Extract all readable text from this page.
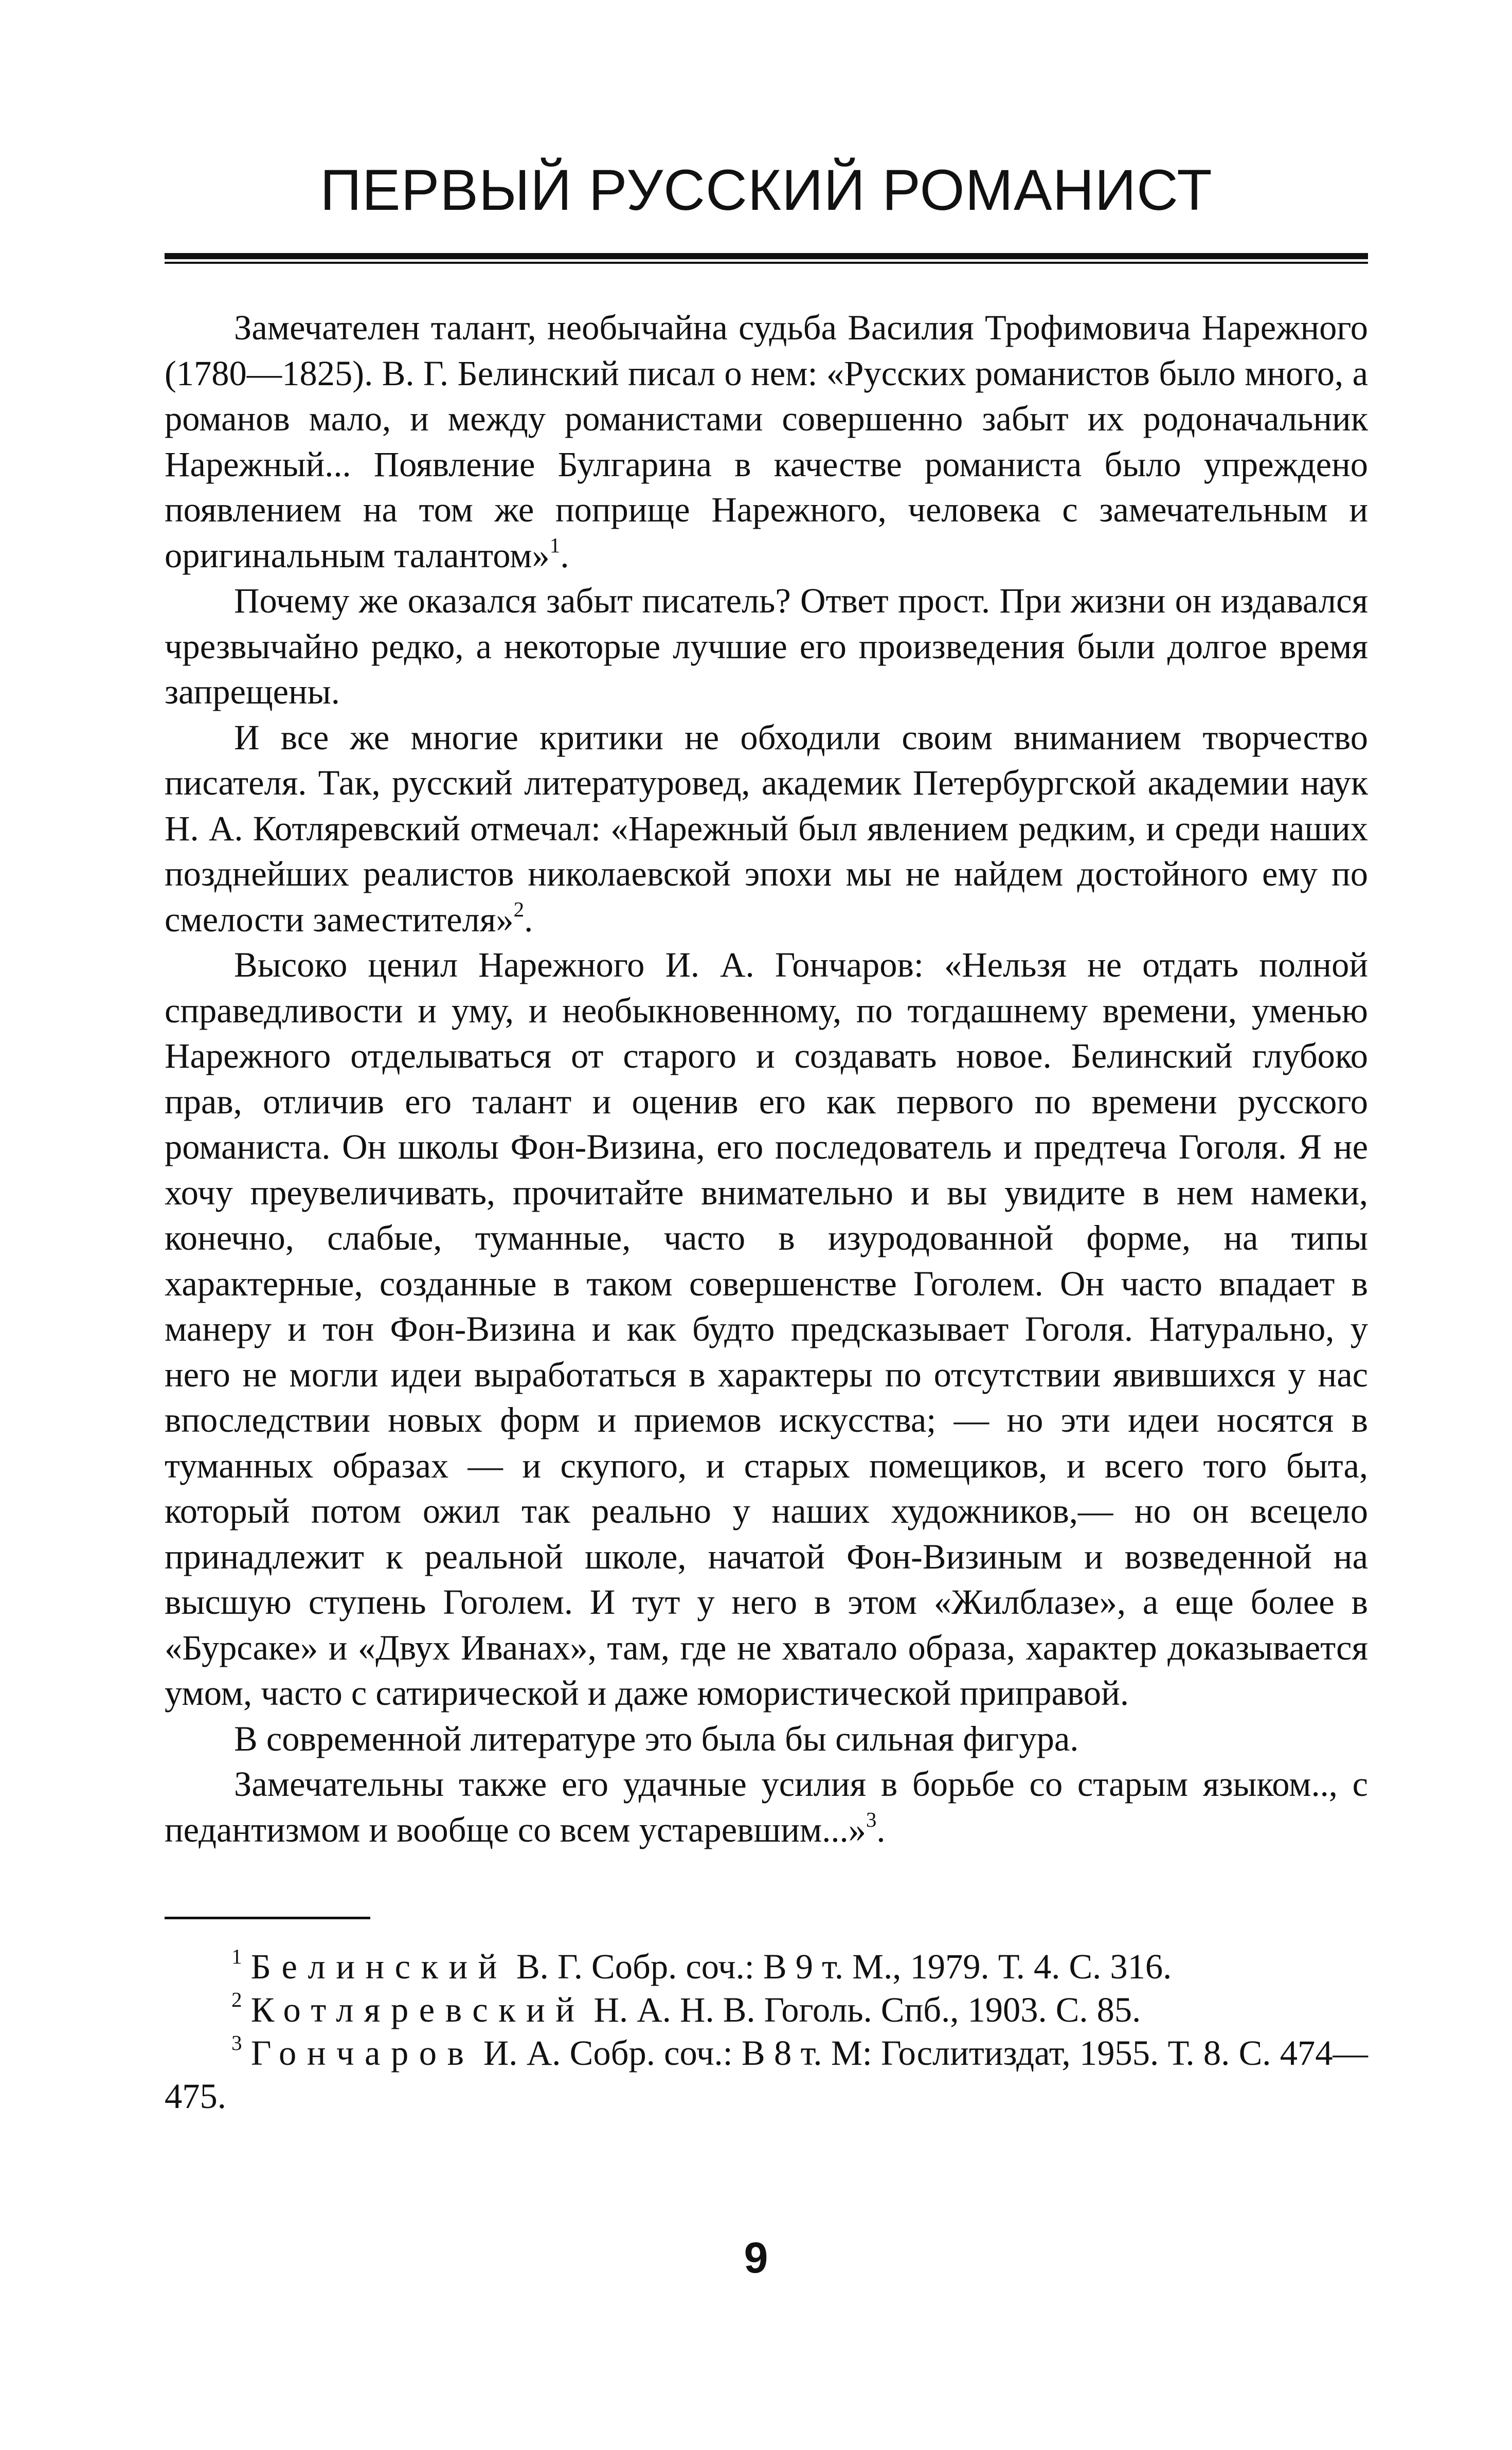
ПЕРВЫЙ РУССКИЙ РОМАНИСТ

Замечателен талант, необычайна судьба Василия Трофимовича Нарежного (1780—1825). В. Г. Белинский писал о нем: «Русских романистов было много, а романов мало, и между романистами совершенно забыт их родоначальник Нарежный... Появление Булгарина в качестве романиста было упреждено появлением на том же поприще Нарежного, человека с замечательным и оригинальным талантом»$^1$.

Почему же оказался забыт писатель? Ответ прост. При жизни он издавался чрезвычайно редко, а некоторые лучшие его произведения были долгое время запрещены.

И все же многие критики не обходили своим вниманием творчество писателя. Так, русский литературовед, академик Петербургской академии наук Н. А. Котляревский отмечал: «Нарежный был явлением редким, и среди наших позднейших реалистов николаевской эпохи мы не найдем достойного ему по смелости заместителя»$^2$.

Высоко ценил Нарежного И. А. Гончаров: «Нельзя не отдать полной справедливости и уму, и необыкновенному, по тогдашнему времени, уменью Нарежного отделываться от старого и создавать новое. Белинский глубоко прав, отличив его талант и оценив его как первого по времени русского романиста. Он школы Фон-Визина, его последователь и предтеча Гоголя. Я не хочу преувеличивать, прочитайте внимательно и вы увидите в нем намеки, конечно, слабые, туманные, часто в изуродованной форме, на типы характерные, созданные в таком совершенстве Гоголем. Он часто впадает в манеру и тон Фон-Визина и как будто предсказывает Гоголя. Натурально, у него не могли идеи выработаться в характеры по отсутствии явившихся у нас впоследствии новых форм и приемов искусства; — но эти идеи носятся в туманных образах — и скупого, и старых помещиков, и всего того быта, который потом ожил так реально у наших художников,— но он всецело принадлежит к реальной школе, начатой Фон-Визиным и возведенной на высшую ступень Гоголем. И тут у него в этом «Жилблазе», а еще более в «Бурсаке» и «Двух Иванах», там, где не хватало образа, характер доказывается умом, часто с сатирической и даже юмористической приправой.

В современной литературе это была бы сильная фигура.

Замечательны также его удачные усилия в борьбе со старым языком.., с педантизмом и вообще со всем устаревшим...»$^3$.

$^1$ Белинский В. Г. Собр. соч.: В 9 т. М., 1979. Т. 4. С. 316.

$^2$ Котляревский Н. А. Н. В. Гоголь. Спб., 1903. С. 85.

$^3$ Гончаров И. А. Собр. соч.: В 8 т. М: Гослитиздат, 1955. Т. 8. С. 474—475.

9
